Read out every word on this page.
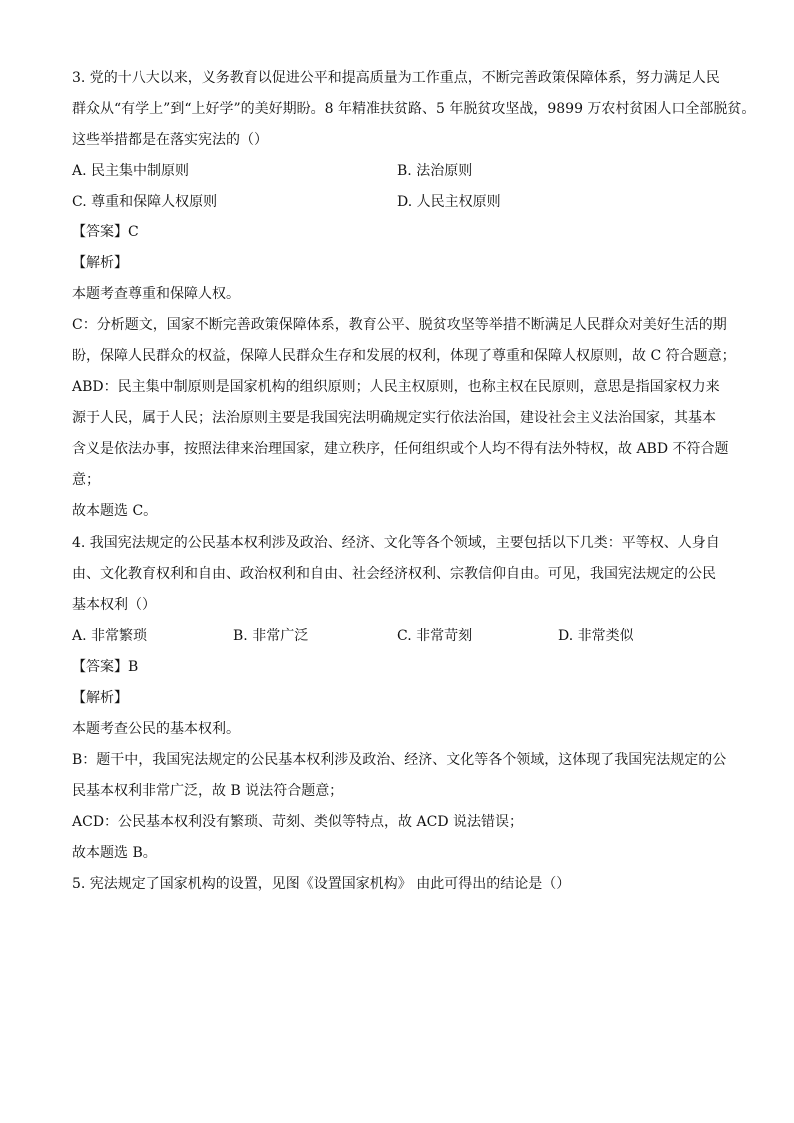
3. 党的十八大以来，义务教育以促进公平和提高质量为工作重点，不断完善政策保障体系，努力满足人民
群众从“有学上”到“上好学”的美好期盼。8 年精准扶贫路、5 年脱贫攻坚战，9899 万农村贫困人口全部脱贫。
这些举措都是在落实宪法的（）
A. 民主集中制原则	B. 法治原则
C. 尊重和保障人权原则	D. 人民主权原则
【答案】C
【解析】
本题考查尊重和保障人权。
C：分析题文，国家不断完善政策保障体系，教育公平、脱贫攻坚等举措不断满足人民群众对美好生活的期
盼，保障人民群众的权益，保障人民群众生存和发展的权利，体现了尊重和保障人权原则，故 C 符合题意；
ABD：民主集中制原则是国家机构的组织原则；人民主权原则，也称主权在民原则，意思是指国家权力来
源于人民，属于人民；法治原则主要是我国宪法明确规定实行依法治国，建设社会主义法治国家，其基本
含义是依法办事，按照法律来治理国家，建立秩序，任何组织或个人均不得有法外特权，故 ABD 不符合题
意；
故本题选 C。
4. 我国宪法规定的公民基本权利涉及政治、经济、文化等各个领域，主要包括以下几类：平等权、人身自
由、文化教育权利和自由、政治权利和自由、社会经济权利、宗教信仰自由。可见，我国宪法规定的公民
基本权利（）
A. 非常繁琐	B. 非常广泛	C. 非常苛刻	D. 非常类似
【答案】B
【解析】
本题考查公民的基本权利。
B：题干中，我国宪法规定的公民基本权利涉及政治、经济、文化等各个领域，这体现了我国宪法规定的公
民基本权利非常广泛，故 B 说法符合题意；
ACD：公民基本权利没有繁琐、苛刻、类似等特点，故 ACD 说法错误；
故本题选 B。
5. 宪法规定了国家机构的设置，见图《设置国家机构》 由此可得出的结论是（）
